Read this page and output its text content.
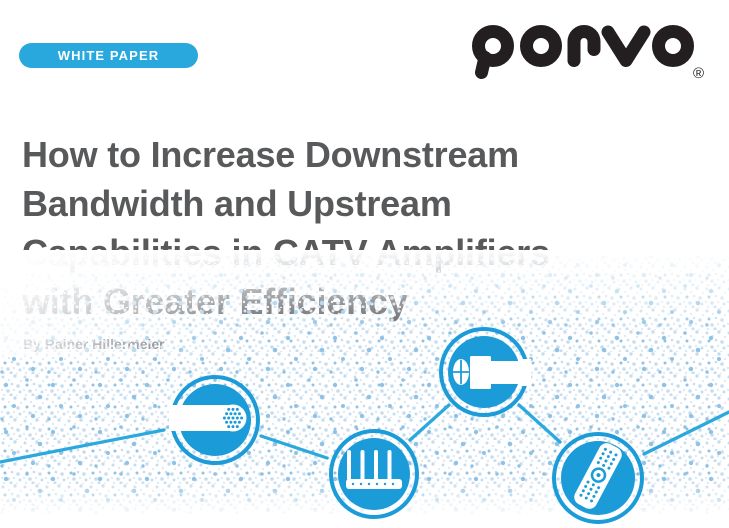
WHITE PAPER
®
How to Increase Downstream
Bandwidth and Upstream
